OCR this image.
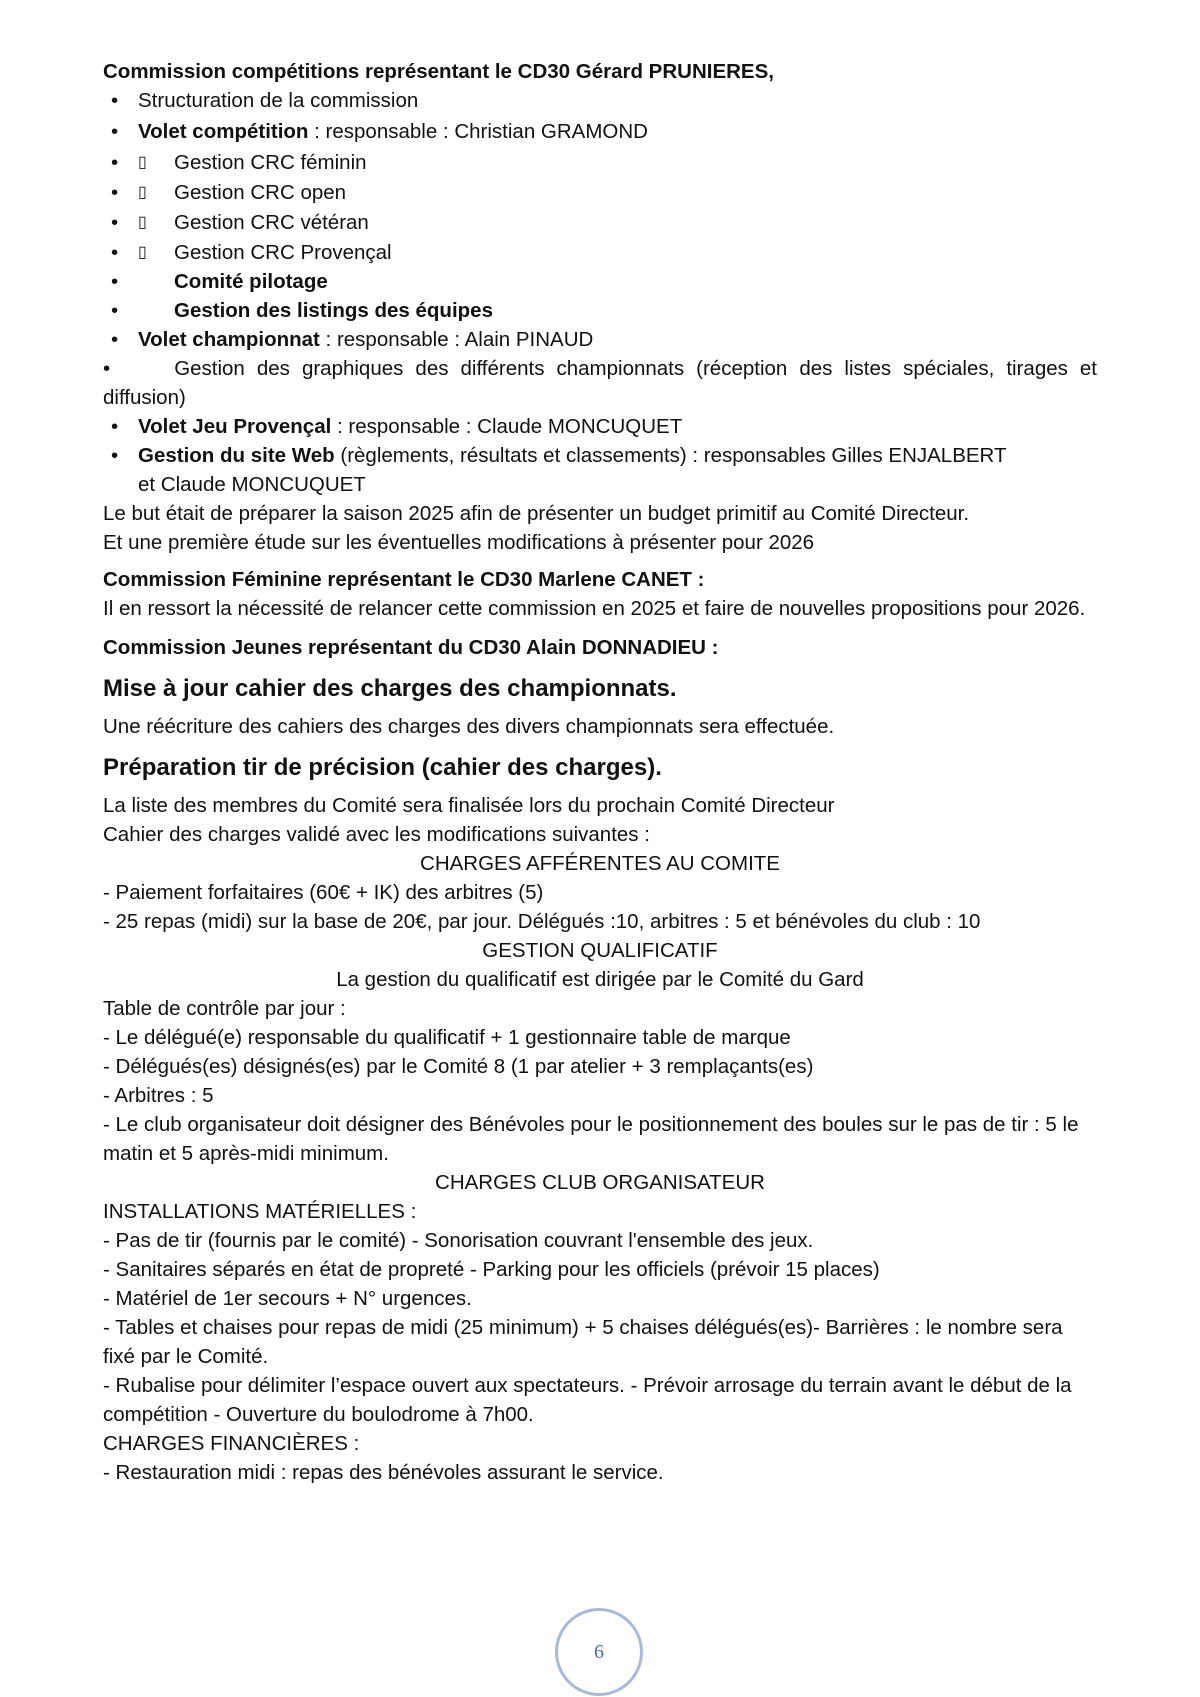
Commission compétitions représentant le CD30 Gérard PRUNIERES,
• Structuration de la commission
• Volet compétition : responsable : Christian GRAMOND
•	▯	Gestion CRC féminin
•	▯	Gestion CRC open
•	▯	Gestion CRC vétéran
•	▯	Gestion CRC Provençal
•	Comité pilotage
•	Gestion des listings des équipes
• Volet championnat : responsable : Alain PINAUD
•	Gestion des graphiques des différents championnats (réception des listes spéciales, tirages et diffusion)
• Volet Jeu Provençal : responsable : Claude MONCUQUET
• Gestion du site Web (règlements, résultats et classements) : responsables Gilles ENJALBERT et Claude MONCUQUET
Le but était de préparer la saison 2025 afin de présenter un budget primitif au Comité Directeur.
Et une première étude sur les éventuelles modifications à présenter pour 2026
Commission Féminine représentant le CD30 Marlene CANET :
Il en ressort la nécessité de relancer cette commission en 2025 et faire de nouvelles propositions pour 2026.
Commission Jeunes représentant du CD30 Alain DONNADIEU :
Mise à jour cahier des charges des championnats.
Une réécriture des cahiers des charges des divers championnats sera effectuée.
Préparation tir de précision (cahier des charges).
La liste des membres du Comité sera finalisée lors du prochain Comité Directeur
Cahier des charges validé avec les modifications suivantes :
CHARGES AFFÉRENTES AU COMITE
- Paiement forfaitaires (60€ + IK) des arbitres (5)
- 25 repas (midi) sur la base de 20€, par jour. Délégués :10, arbitres : 5 et bénévoles du club : 10
GESTION QUALIFICATIF
La gestion du qualificatif est dirigée par le Comité du Gard
Table de contrôle par jour :
- Le délégué(e) responsable du qualificatif + 1 gestionnaire table de marque
- Délégués(es) désignés(es) par le Comité 8 (1 par atelier + 3 remplaçants(es)
- Arbitres : 5
- Le club organisateur doit désigner des Bénévoles pour le positionnement des boules sur le pas de tir : 5 le matin et 5 après-midi minimum.
CHARGES CLUB ORGANISATEUR
INSTALLATIONS MATÉRIELLES :
- Pas de tir (fournis par le comité) - Sonorisation couvrant l'ensemble des jeux.
- Sanitaires séparés en état de propreté - Parking pour les officiels (prévoir 15 places)
- Matériel de 1er secours + N° urgences.
- Tables et chaises pour repas de midi (25 minimum) + 5 chaises délégués(es)- Barrières : le nombre sera fixé par le Comité.
- Rubalise pour délimiter l’espace ouvert aux spectateurs. - Prévoir arrosage du terrain avant le début de la compétition - Ouverture du boulodrome à 7h00.
CHARGES FINANCIÈRES :
- Restauration midi : repas des bénévoles assurant le service.
6
